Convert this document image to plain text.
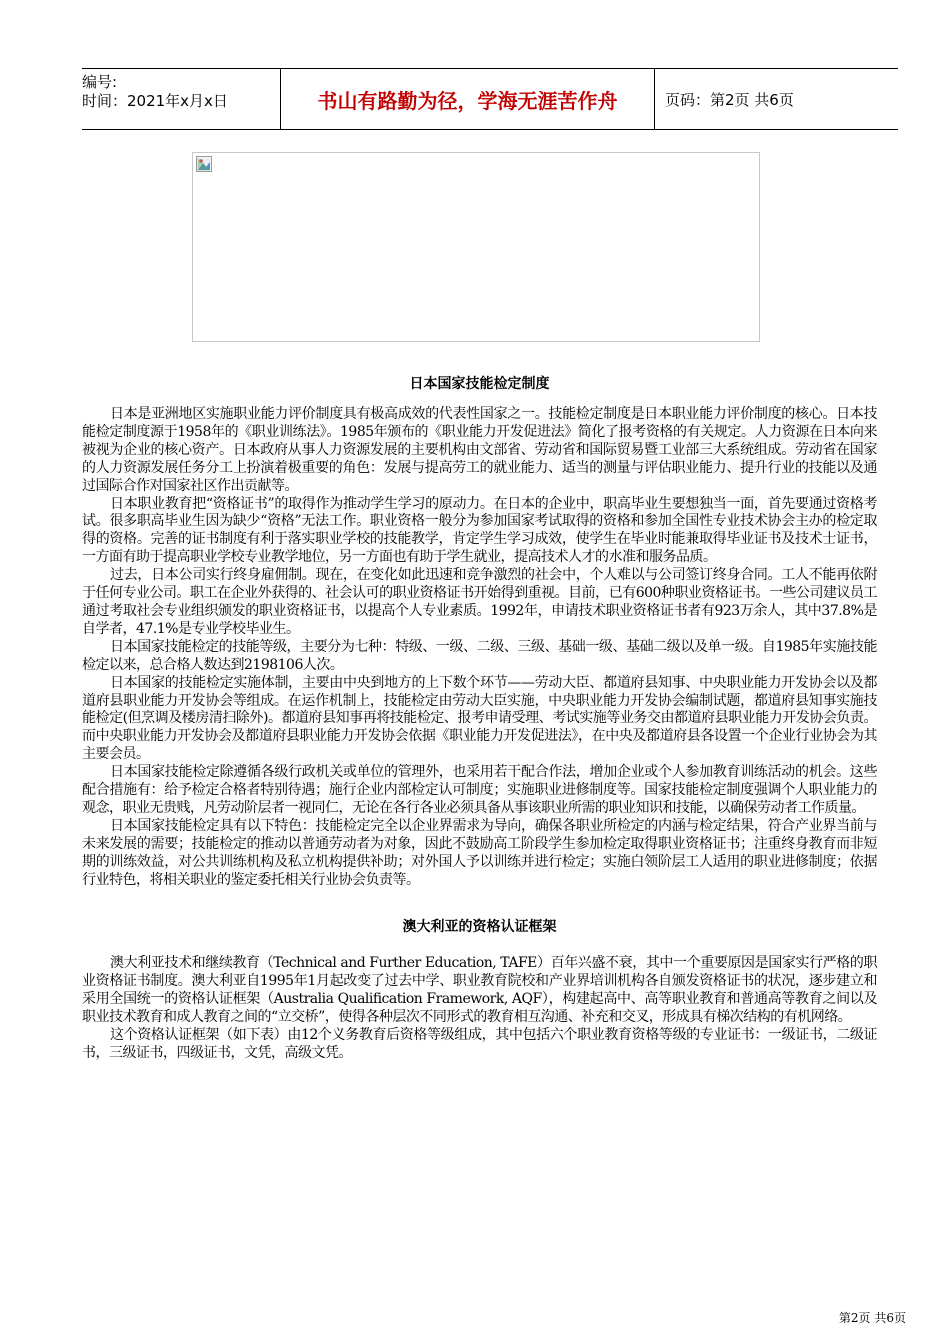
编号:
时间：2021年x月x日	书山有路勤为径，学海无涯苦作舟	页码：第2页 共6页
日本国家技能检定制度

日本是亚洲地区实施职业能力评价制度具有极高成效的代表性国家之一。技能检定制度是日本职业能力评价制度的核心。日本技能检定制度源于1958年的《职业训练法》。1985年颁布的《职业能力开发促进法》简化了报考资格的有关规定。人力资源在日本向来被视为企业的核心资产。日本政府从事人力资源发展的主要机构由文部省、劳动省和国际贸易暨工业部三大系统组成。劳动省在国家的人力资源发展任务分工上扮演着极重要的角色：发展与提高劳工的就业能力、适当的测量与评估职业能力、提升行业的技能以及通过国际合作对国家社区作出贡献等。

日本职业教育把“资格证书”的取得作为推动学生学习的原动力。在日本的企业中，职高毕业生要想独当一面，首先要通过资格考试。很多职高毕业生因为缺少“资格”无法工作。职业资格一般分为参加国家考试取得的资格和参加全国性专业技术协会主办的检定取得的资格。完善的证书制度有利于落实职业学校的技能教学，肯定学生学习成效，使学生在毕业时能兼取得毕业证书及技术士证书，一方面有助于提高职业学校专业教学地位，另一方面也有助于学生就业，提高技术人才的水准和服务品质。

过去，日本公司实行终身雇佣制。现在，在变化如此迅速和竞争激烈的社会中，个人难以与公司签订终身合同。工人不能再依附于任何专业公司。职工在企业外获得的、社会认可的职业资格证书开始得到重视。目前，已有600种职业资格证书。一些公司建议员工通过考取社会专业组织颁发的职业资格证书，以提高个人专业素质。1992年，申请技术职业资格证书者有923万余人，其中37.8%是自学者，47.1%是专业学校毕业生。

日本国家技能检定的技能等级，主要分为七种：特级、一级、二级、三级、基础一级、基础二级以及单一级。自1985年实施技能检定以来，总合格人数达到2198106人次。

日本国家的技能检定实施体制，主要由中央到地方的上下数个环节——劳动大臣、都道府县知事、中央职业能力开发协会以及都道府县职业能力开发协会等组成。在运作机制上，技能检定由劳动大臣实施，中央职业能力开发协会编制试题，都道府县知事实施技能检定(但烹调及楼房清扫除外)。都道府县知事再将技能检定、报考申请受理、考试实施等业务交由都道府县职业能力开发协会负责。而中央职业能力开发协会及都道府县职业能力开发协会依据《职业能力开发促进法》，在中央及都道府县各设置一个企业行业协会为其主要会员。

日本国家技能检定除遵循各级行政机关或单位的管理外，也采用若干配合作法，增加企业或个人参加教育训练活动的机会。这些配合措施有：给予检定合格者特别待遇；施行企业内部检定认可制度；实施职业进修制度等。国家技能检定制度强调个人职业能力的观念，职业无贵贱，凡劳动阶层者一视同仁，无论在各行各业必须具备从事该职业所需的职业知识和技能，以确保劳动者工作质量。

日本国家技能检定具有以下特色：技能检定完全以企业界需求为导向，确保各职业所检定的内涵与检定结果，符合产业界当前与未来发展的需要；技能检定的推动以普通劳动者为对象，因此不鼓励高工阶段学生参加检定取得职业资格证书；注重终身教育而非短期的训练效益，对公共训练机构及私立机构提供补助；对外国人予以训练并进行检定；实施白领阶层工人适用的职业进修制度；依据行业特色，将相关职业的鉴定委托相关行业协会负责等。

澳大利亚的资格认证框架

澳大利亚技术和继续教育（Technical and Further Education, TAFE）百年兴盛不衰，其中一个重要原因是国家实行严格的职业资格证书制度。澳大利亚自1995年1月起改变了过去中学、职业教育院校和产业界培训机构各自颁发资格证书的状况，逐步建立和采用全国统一的资格认证框架（Australia Qualification Framework, AQF），构建起高中、高等职业教育和普通高等教育之间以及职业技术教育和成人教育之间的“立交桥”，使得各种层次不同形式的教育相互沟通、补充和交叉，形成具有梯次结构的有机网络。

这个资格认证框架（如下表）由12个义务教育后资格等级组成，其中包括六个职业教育资格等级的专业证书：一级证书，二级证书，三级证书，四级证书，文凭，高级文凭。

第2页 共6页
